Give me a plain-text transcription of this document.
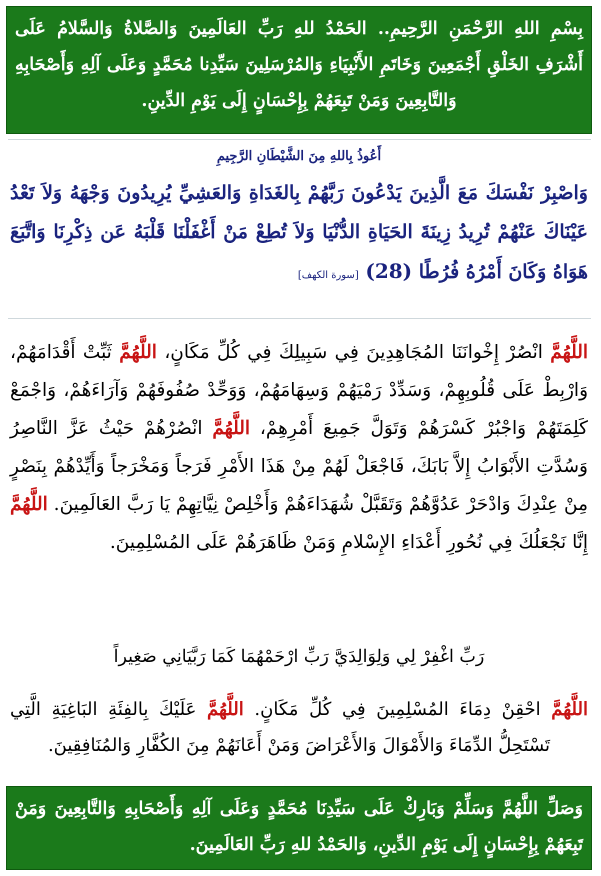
بِسْمِ اللهِ الرَّحْمَنِ الرَّحِيمِ.. الحَمْدُ للهِ رَبِّ العَالَمِينَ وَالصَّلاةُ وَالسَّلامُ عَلَى أَشْرَفِ الخَلْقِ أَجْمَعِينَ وَخَاتَمِ الأَنْبِيَاءِ وَالمُرْسَلِينَ سَيِّدِنا مُحَمَّدٍ وَعَلَى آلِهِ وَأَصْحَابِهِ وَالتَّابِعِينَ وَمَنْ تَبِعَهُمْ بِإِحْسَانٍ إِلَى يَوْمِ الدِّينِ.
أَعُوذُ بِاللهِ مِنَ الشَّيْطَانِ الرَّجِيمِ
وَاصْبِرْ نَفْسَكَ مَعَ الَّذِينَ يَدْعُونَ رَبَّهُمْ بِالغَدَاةِ وَالعَشِيِّ يُرِيدُونَ وَجْهَهُ وَلاَ تَعْدُ عَيْنَاكَ عَنْهُمْ تُرِيدُ زِينَةَ الحَيَاةِ الدُّنْيَا وَلاَ تُطِعْ مَنْ أَغْفَلْنَا قَلْبَهُ عَن ذِكْرِنَا وَاتَّبَعَ هَوَاهُ وَكَانَ أَمْرُهُ فُرُطًا (28) [سورة الكهف]
اللَّهُمَّ انْصُرْ إِخْوانَنَا المُجَاهِدِينَ فِي سَبِيلِكَ فِي كُلِّ مَكَانٍ، اللَّهُمَّ ثَبِّتْ أَقْدَامَهُمْ، وَارْبِطْ عَلَى قُلُوبِهِمْ، وَسَدِّدْ رَمْيَهُمْ وَسِهَامَهُمْ، وَوَحِّدْ صُفُوفَهُمْ وَآرَاءَهُمْ، وَاجْمَعْ كَلِمَتَهُمْ وَاجْبُرْ كَسْرَهُمْ وَتَوَلَّ جَمِيعَ أَمْرِهِمْ، اللَّهُمَّ انْصُرْهُمْ حَيْثُ عَزَّ النَّاصِرُ وَسُدَّتِ الأَبْوَابُ إِلاَّ بَابَكَ، فَاجْعَلْ لَهُمْ مِنْ هَذَا الأَمْرِ فَرَجاً وَمَخْرَجاً وَأَيِّدْهُمْ بِنَصْرٍ مِنْ عِنْدِكَ وَادْحَرْ عَدُوَّهُمْ وَتَقَبَّلْ شُهَدَاءَهُمْ وَأَخْلِصْ نِيَّاتِهِمْ يَا رَبَّ العَالَمِينَ. اللَّهُمَّ إِنَّا نَجْعَلُكَ فِي نُحُورِ أَعْدَاءِ الإِسْلامِ وَمَنْ ظَاهَرَهُمْ عَلَى المُسْلِمِينَ.
رَبِّ اغْفِرْ لِي وَلِوَالِدَيَّ رَبِّ ارْحَمْهُمَا كَمَا رَبَّيَانِي صَغِيراً
اللَّهُمَّ احْقِنْ دِمَاءَ المُسْلِمِينَ فِي كُلِّ مَكَانٍ. اللَّهُمَّ عَلَيْكَ بِالفِئَةِ البَاغِيَةِ الَّتِي تَسْتَحِلُّ الدِّمَاءَ وَالأَمْوَالَ وَالأَعْرَاضَ وَمَنْ أَعَانَهُمْ مِنَ الكُفَّارِ وَالمُنَافِقِينَ.
وَصَلِّ اللَّهُمَّ وَسَلِّمْ وَبَارِكْ عَلَى سَيِّدِنَا مُحَمَّدٍ وَعَلَى آلِهِ وَأَصْحَابِهِ وَالتَّابِعِينَ وَمَنْ تَبِعَهُمْ بِإِحْسَانٍ إِلَى يَوْمِ الدِّينِ، وَالحَمْدُ للهِ رَبِّ العَالَمِينَ.
